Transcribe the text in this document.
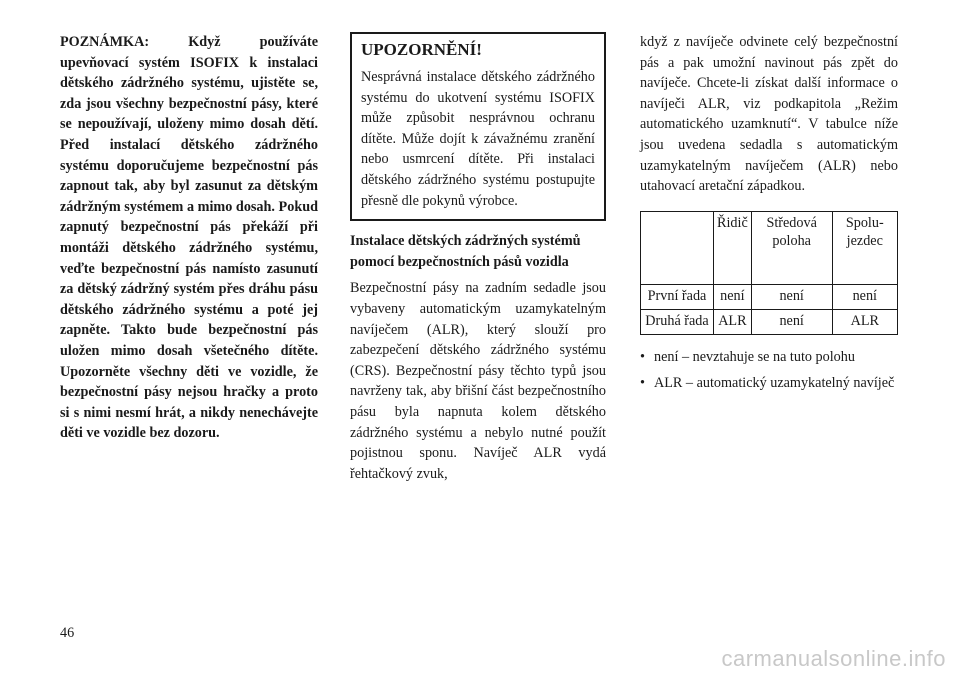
POZNÁMKA: Když používáte upevňovací systém ISOFIX k instalaci dětského zádržného systému, ujistěte se, zda jsou všechny bezpečnostní pásy, které se nepoužívají, uloženy mimo dosah dětí. Před instalací dětského zádržného systému doporučujeme bezpečnostní pás zapnout tak, aby byl zasunut za dětským zádržným systémem a mimo dosah. Pokud zapnutý bezpečnostní pás překáží při montáži dětského zádržného systému, veďte bezpečnostní pás namísto zasunutí za dětský zádržný systém přes dráhu pásu dětského zádržného systému a poté jej zapněte. Takto bude bezpečnostní pás uložen mimo dosah všetečného dítěte. Upozorněte všechny děti ve vozidle, že bezpečnostní pásy nejsou hračky a proto si s nimi nesmí hrát, a nikdy nenechávejte děti ve vozidle bez dozoru.

UPOZORNĚNÍ!

Nesprávná instalace dětského zádržného systému do ukotvení systému ISOFIX může způsobit nesprávnou ochranu dítěte. Může dojít k závažnému zranění nebo usmrcení dítěte. Při instalaci dětského zádržného systému postupujte přesně dle pokynů výrobce.

Instalace dětských zádržných systémů pomocí bezpečnostních pásů vozidla

Bezpečnostní pásy na zadním sedadle jsou vybaveny automatickým uzamykatelným navíječem (ALR), který slouží pro zabezpečení dětského zádržného systému (CRS). Bezpečnostní pásy těchto typů jsou navrženy tak, aby břišní část bezpečnostního pásu byla napnuta kolem dětského zádržného systému a nebylo nutné použít pojistnou sponu. Navíječ ALR vydá řehtačkový zvuk,

když z navíječe odvinete celý bezpečnostní pás a pak umožní navinout pás zpět do navíječe. Chcete-li získat další informace o navíječi ALR, viz podkapitola „Režim automatického uzamknutí“. V tabulce níže jsou uvedena sedadla s automatickým uzamykatelným navíječem (ALR) nebo utahovací aretační západkou.

	Řidič	Středová poloha	Spolujezdec
První řada	není	není	není
Druhá řada	ALR	není	ALR
• není – nevztahuje se na tuto polohu
• ALR – automatický uzamykatelný navíječ
46
carmanualsonline.info
